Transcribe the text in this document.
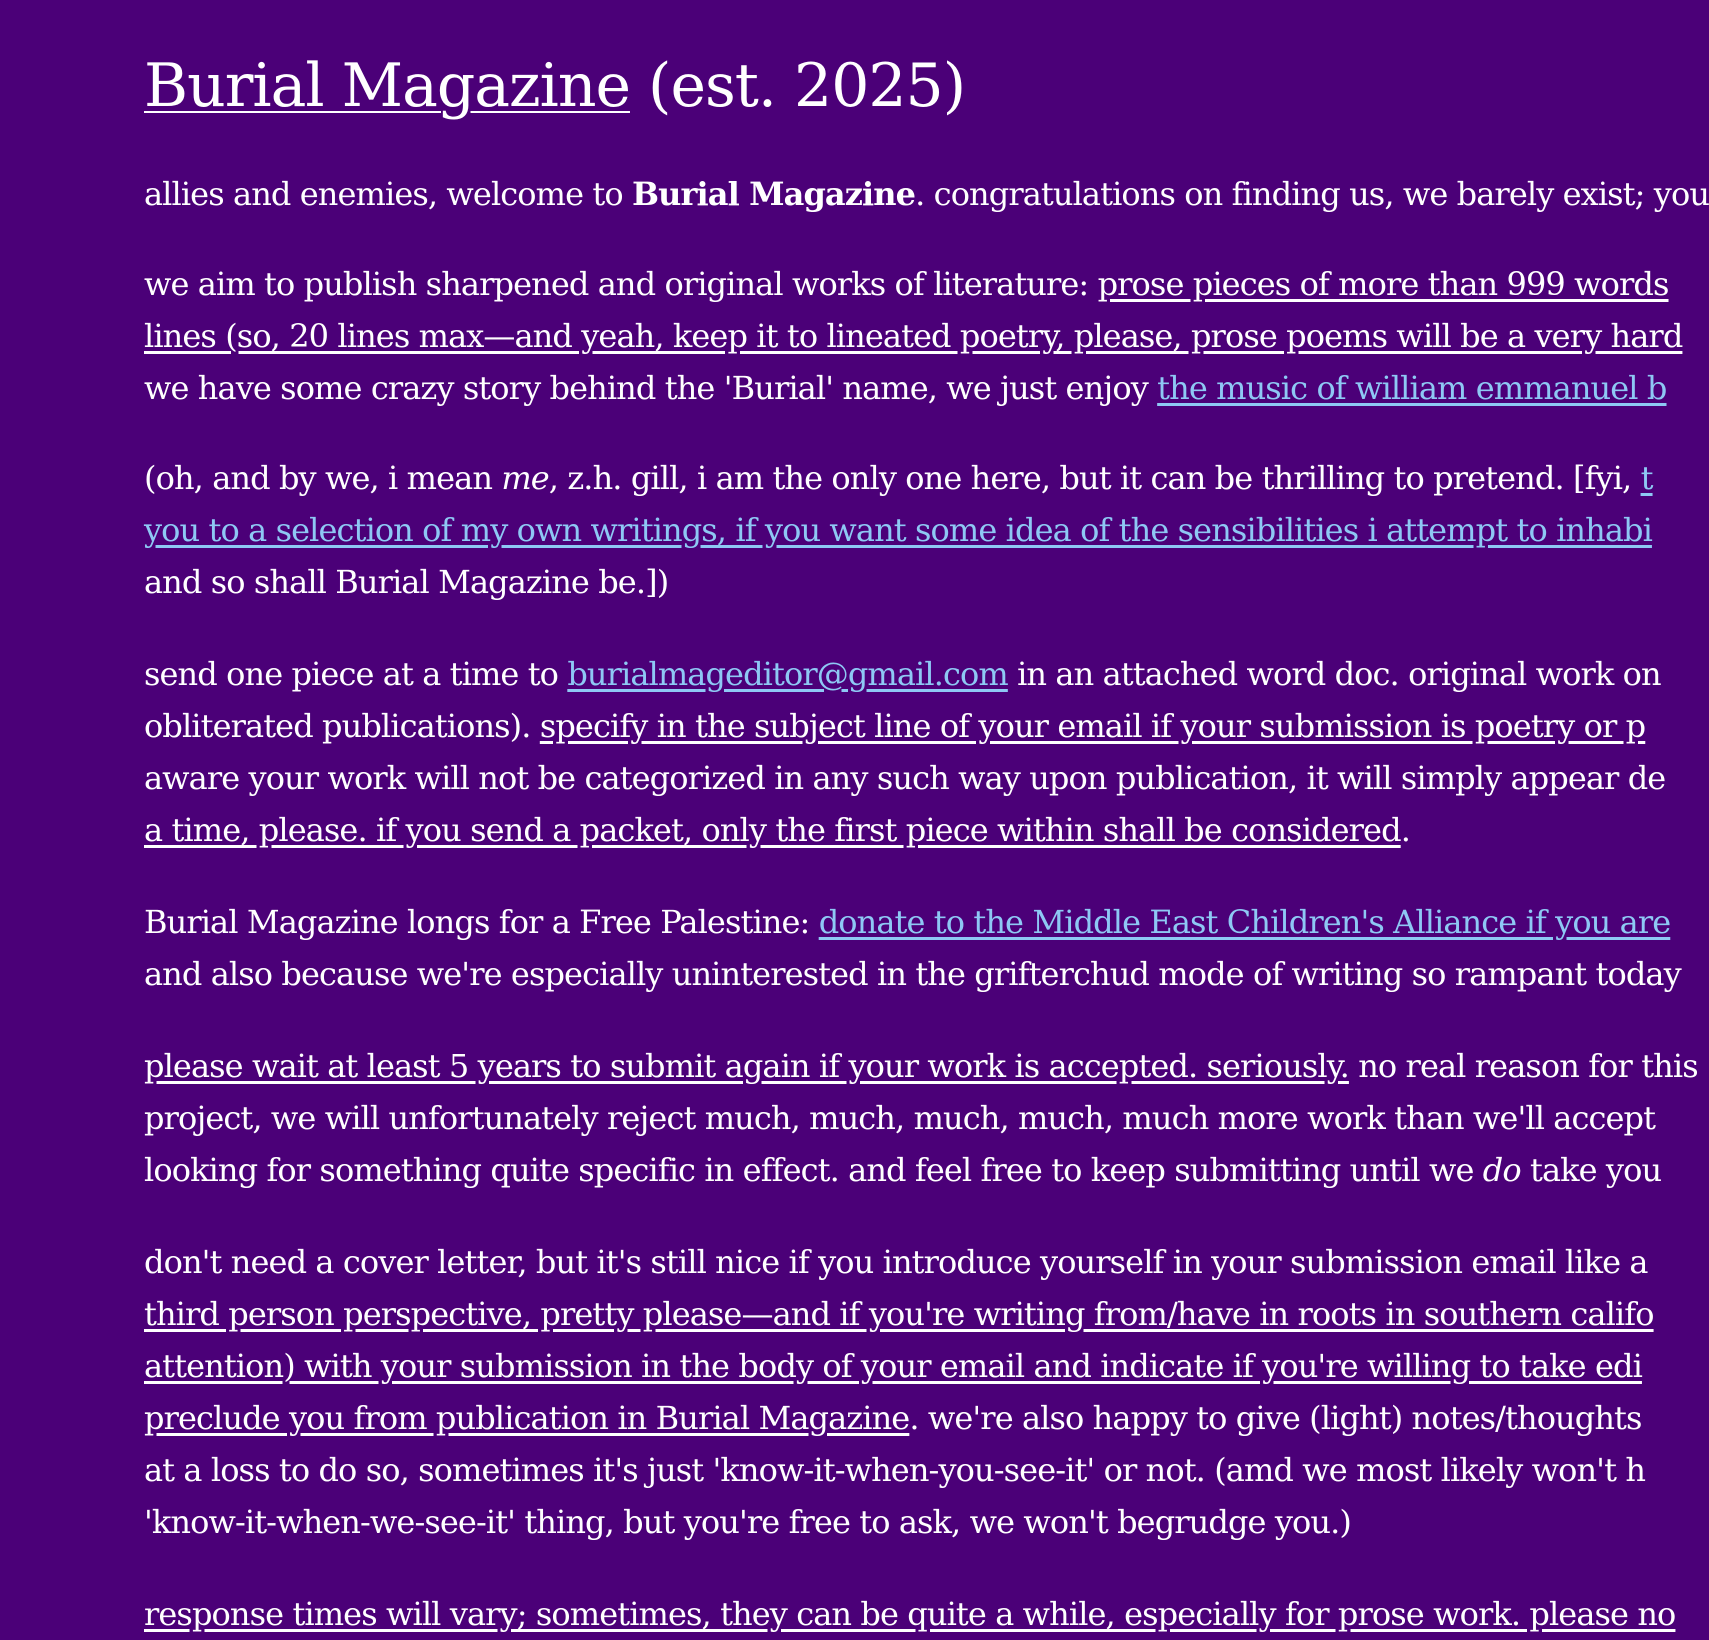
Burial Magazine (est. 2025)

allies and enemies, welcome to Burial Magazine. congratulations on finding us, we barely exist; you

we aim to publish sharpened and original works of literature: prose pieces of more than 999 words
lines (so, 20 lines max—and yeah, keep it to lineated poetry, please, prose poems will be a very hard
we have some crazy story behind the 'Burial' name, we just enjoy the music of william emmanuel b

(oh, and by we, i mean me, z.h. gill, i am the only one here, but it can be thrilling to pretend. [fyi, t
you to a selection of my own writings, if you want some idea of the sensibilities i attempt to inhabi
and so shall Burial Magazine be.])

send one piece at a time to burialmageditor@gmail.com in an attached word doc. original work on
obliterated publications). specify in the subject line of your email if your submission is poetry or p
aware your work will not be categorized in any such way upon publication, it will simply appear de
a time, please. if you send a packet, only the first piece within shall be considered.

Burial Magazine longs for a Free Palestine: donate to the Middle East Children's Alliance if you are
and also because we're especially uninterested in the grifterchud mode of writing so rampant today

please wait at least 5 years to submit again if your work is accepted. seriously. no real reason for this
project, we will unfortunately reject much, much, much, much, much more work than we'll accept
looking for something quite specific in effect. and feel free to keep submitting until we do take you

don't need a cover letter, but it's still nice if you introduce yourself in your submission email like a
third person perspective, pretty please—and if you're writing from/have in roots in southern califo
attention) with your submission in the body of your email and indicate if you're willing to take edi
preclude you from publication in Burial Magazine. we're also happy to give (light) notes/thoughts
at a loss to do so, sometimes it's just 'know-it-when-you-see-it' or not. (amd we most likely won't h
'know-it-when-we-see-it' thing, but you're free to ask, we won't begrudge you.)

response times will vary; sometimes, they can be quite a while, especially for prose work. please no
